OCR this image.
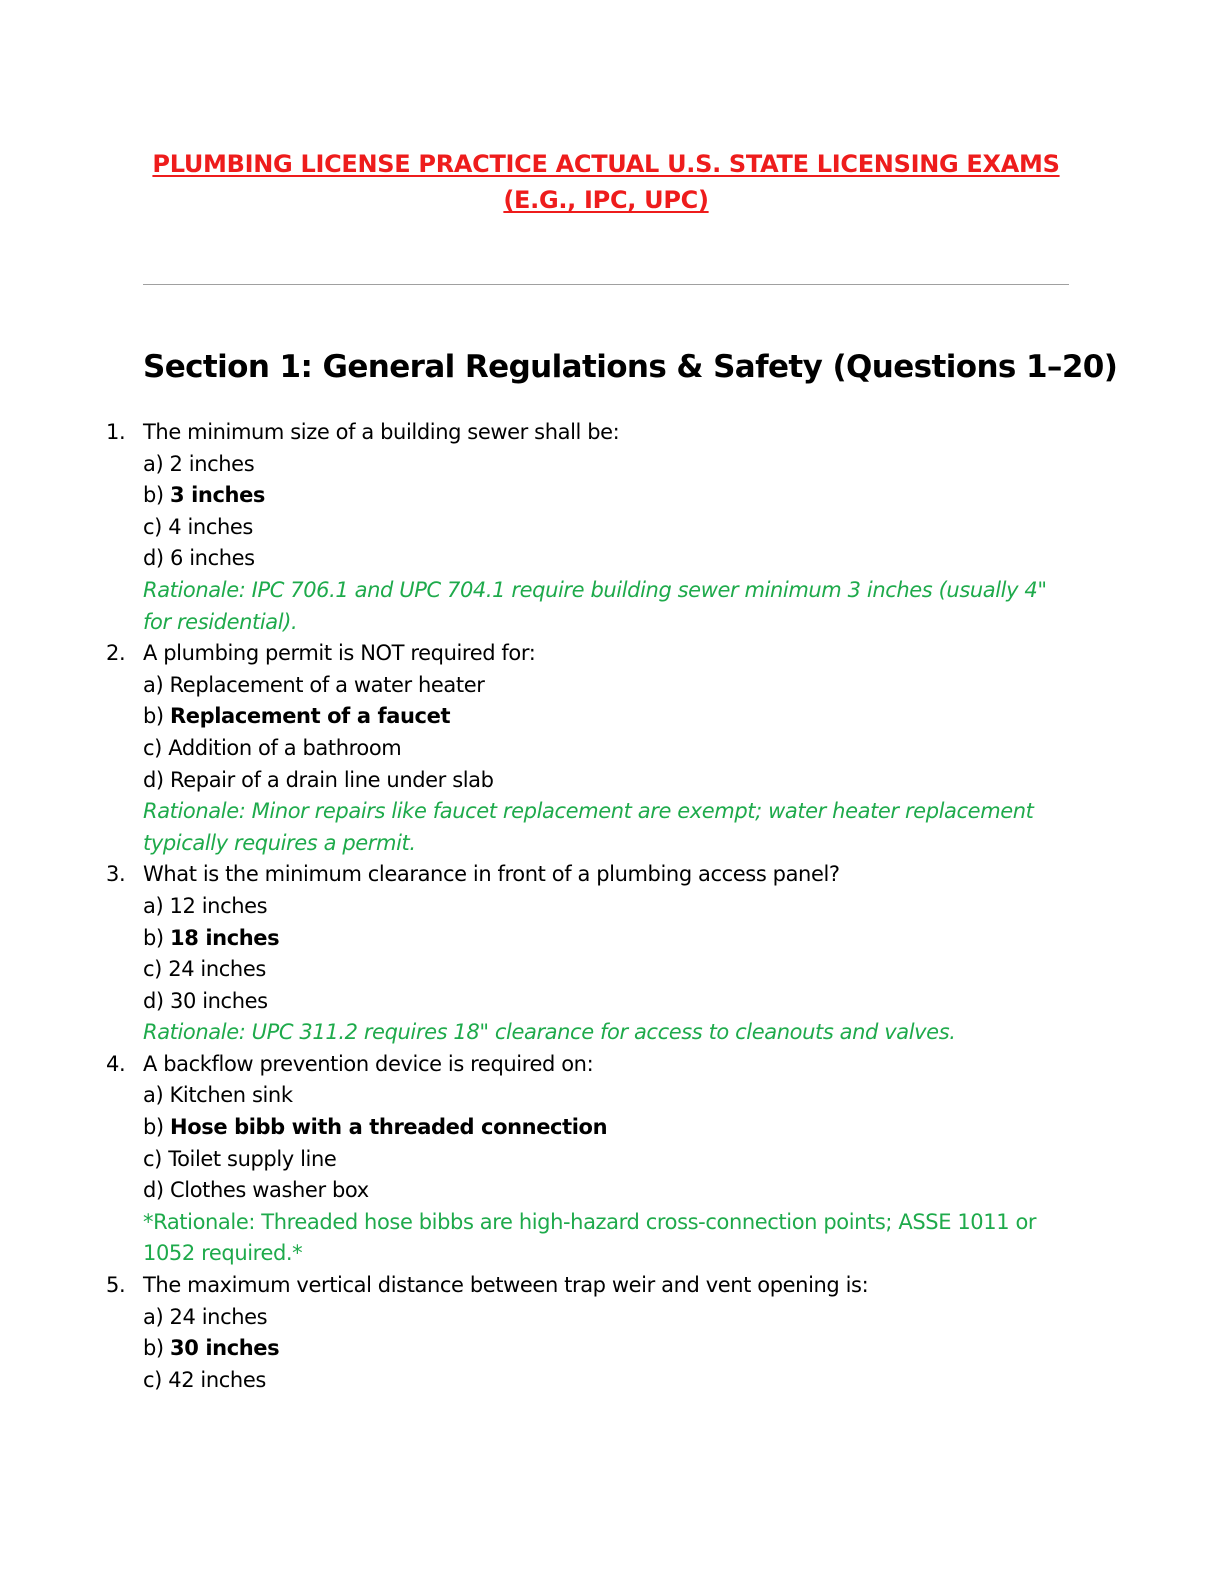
PLUMBING LICENSE PRACTICE ACTUAL U.S. STATE LICENSING EXAMS
(E.G., IPC, UPC)
Section 1: General Regulations & Safety (Questions 1–20)
1. The minimum size of a building sewer shall be:
a) 2 inches
b) 3 inches
c) 4 inches
d) 6 inches
Rationale: IPC 706.1 and UPC 704.1 require building sewer minimum 3 inches (usually 4" for residential).
2. A plumbing permit is NOT required for:
a) Replacement of a water heater
b) Replacement of a faucet
c) Addition of a bathroom
d) Repair of a drain line under slab
Rationale: Minor repairs like faucet replacement are exempt; water heater replacement typically requires a permit.
3. What is the minimum clearance in front of a plumbing access panel?
a) 12 inches
b) 18 inches
c) 24 inches
d) 30 inches
Rationale: UPC 311.2 requires 18" clearance for access to cleanouts and valves.
4. A backflow prevention device is required on:
a) Kitchen sink
b) Hose bibb with a threaded connection
c) Toilet supply line
d) Clothes washer box
*Rationale: Threaded hose bibbs are high-hazard cross-connection points; ASSE 1011 or 1052 required.*
5. The maximum vertical distance between trap weir and vent opening is:
a) 24 inches
b) 30 inches
c) 42 inches
